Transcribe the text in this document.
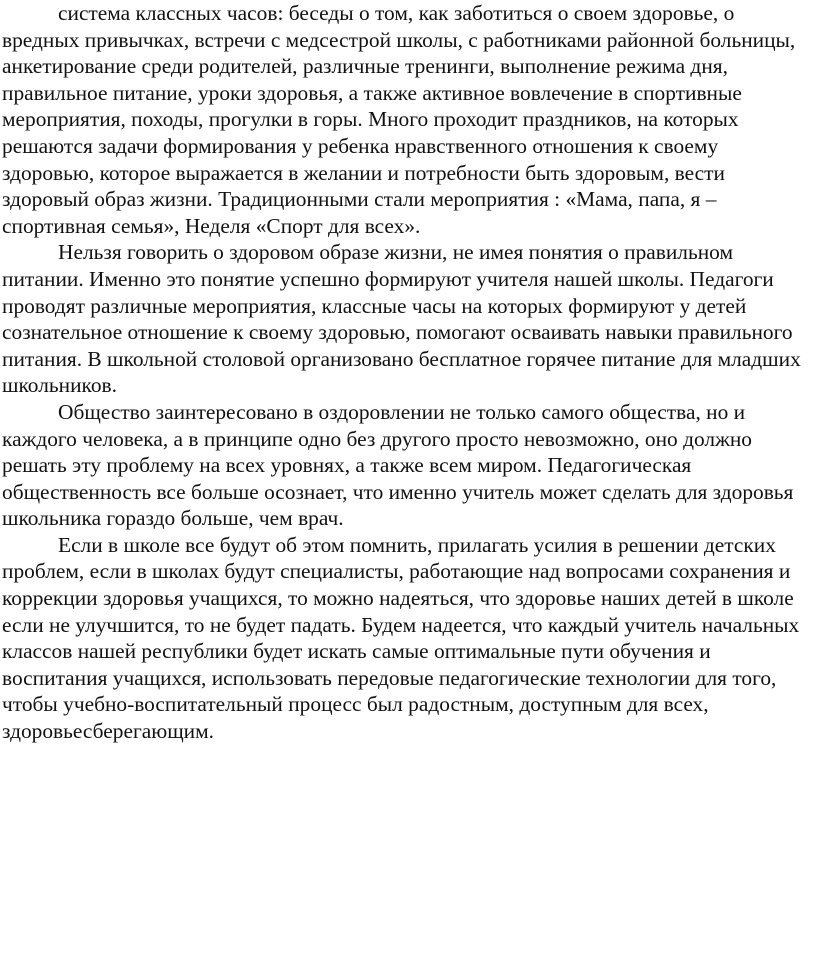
система классных часов: беседы о том, как заботиться о своем здоровье, о вредных привычках, встречи с медсестрой школы, с работниками районной больницы, анкетирование среди родителей, различные тренинги, выполнение режима дня, правильное питание, уроки здоровья, а также активное вовлечение в спортивные мероприятия, походы, прогулки в горы. Много проходит праздников, на которых решаются задачи формирования у ребенка нравственного отношения к своему здоровью, которое выражается в желании и потребности быть здоровым, вести здоровый образ жизни. Традиционными стали мероприятия : «Мама, папа, я – спортивная семья», Неделя «Спорт для всех».

Нельзя говорить о здоровом образе жизни, не имея понятия о правильном питании. Именно это понятие успешно формируют учителя нашей школы. Педагоги проводят различные мероприятия, классные часы на которых формируют у детей сознательное отношение к своему здоровью, помогают осваивать навыки правильного питания. В школьной столовой организовано бесплатное горячее питание для младших школьников.

Общество заинтересовано в оздоровлении не только самого общества, но и каждого человека, а в принципе одно без другого просто невозможно, оно должно решать эту проблему на всех уровнях, а также всем миром. Педагогическая общественность все больше осознает, что именно учитель может сделать для здоровья школьника гораздо больше, чем врач.

Если в школе все будут об этом помнить, прилагать усилия в решении детских проблем, если в школах будут специалисты, работающие над вопросами сохранения и коррекции здоровья учащихся, то можно надеяться, что здоровье наших детей в школе если не улучшится, то не будет падать. Будем надеется, что каждый учитель начальных классов нашей республики будет искать самые оптимальные пути обучения и воспитания учащихся, использовать передовые педагогические технологии для того, чтобы учебно-воспитательный процесс был радостным, доступным для всех, здоровьесберегающим.
